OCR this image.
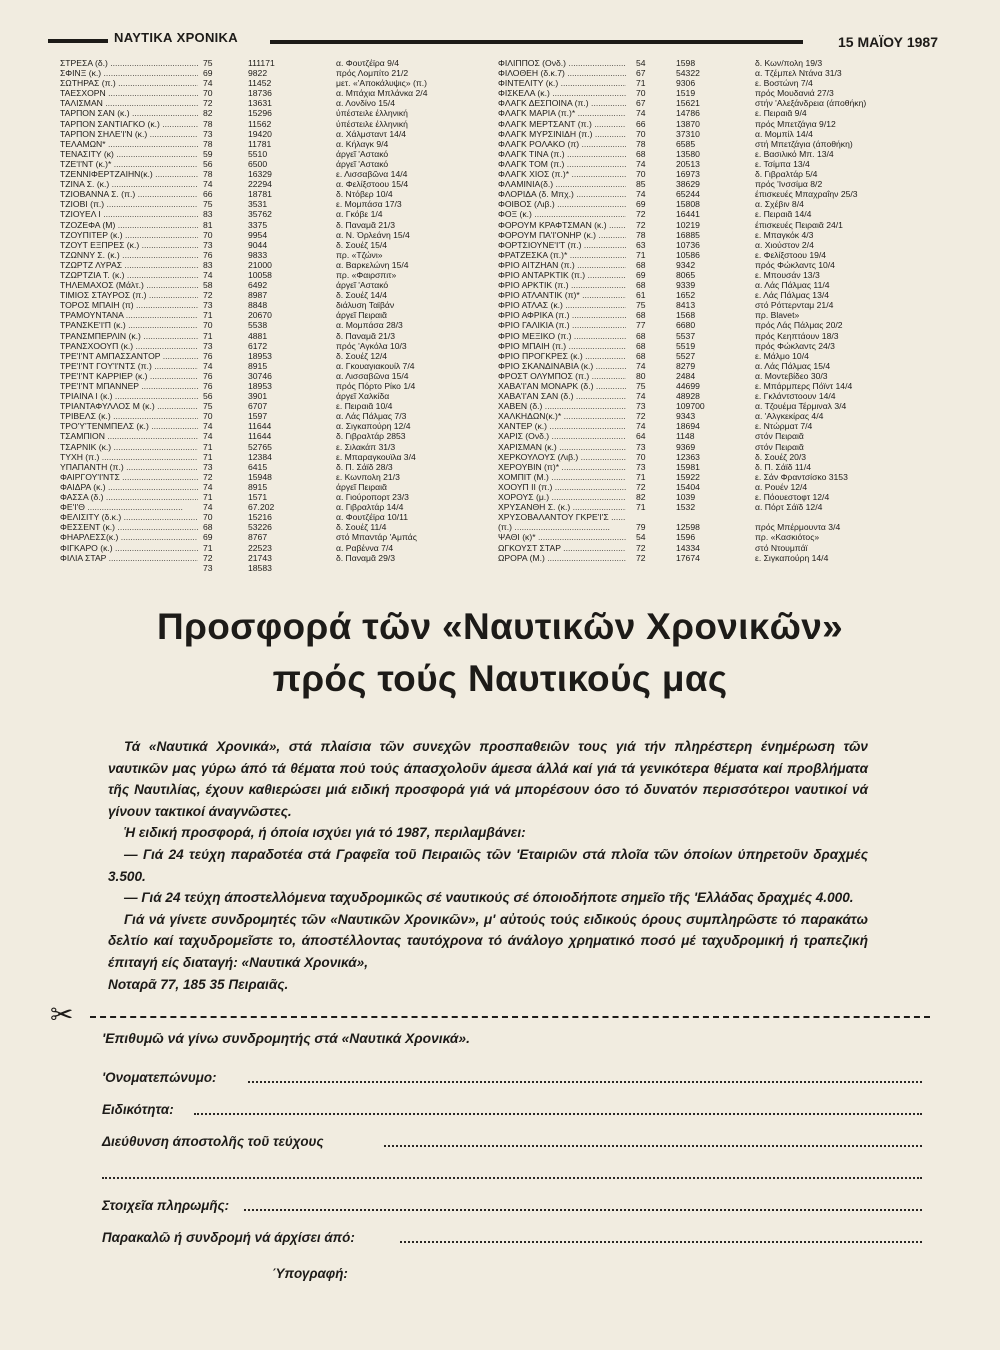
ΝΑΥΤΙΚΑ ΧΡΟΝΙΚΑ	15 ΜΑΪΟΥ 1987
ΣΤΡΕΣΑ (δ.) .....	75	111171	α. Φουτζέϊρα 9/4
ΣΦΙΝΞ (κ.) .....	69	9822	πρός Λομπίτο 21/2
ΣΩΤΗΡΑΣ (π.) .....	74	11452	μετ. «'Αποκάλυψις» (π.)
ΤΑΕΣΧΟΡΝ .....	70	18736	α. Μπάχια Μπλάνκα 2/4
ΤΑΛΙΣΜΑΝ .....	72	13631	α. Λονδίνο 15/4
ΤΑΡΠΟΝ ΣΑΝ (κ.) .....	82	15296	ύπέστειλε έλληνική
ΤΑΡΠΟΝ ΣΑΝΤΙΑΓΚΟ (κ.) .....	78	11562	ύπέστειλε έλληνική
ΤΑΡΠΟΝ ΣΗΛΕ'Ι'Ν (κ.) .....	73	19420	α. Χάλμσταντ 14/4
ΤΕΛΑΜΩΝ* .....	78	11781	α. Κήλαγκ 9/4
ΤΕΝΑΣΙΤΥ (κ) .....	59	5510	άργεῖ 'Αστακό
ΤΖΕ'Ι'ΝΤ (κ.)* .....	56	6500	άργεῖ 'Αστακό
ΤΖΕΝΝΙΦΕΡΤΖΑΙΗΝ(κ.) .....	78	16329	ε. Λισσαβῶνα 14/4
ΤΖΙΝΑ Σ. (κ.) .....	74	22294	α. Φελίξστοου 15/4
ΤΖΙΟΒΑΝΝΑ Σ. (π.) .....	66	18781	δ. Ντόβερ 10/4
ΤΖΙΟΒΙ (π.) .....	75	3531	ε. Μομπάσα 17/3
ΤΖΙΟΥΕΛ Ι .....	83	35762	α. Γκόβε 1/4
ΤΖΟΖΕΦΑ (Μ) .....	81	3375	δ. Παναμᾶ 21/3
ΤΖΟΥΠΙΤΕΡ (κ.) .....	70	9954	α. Ν. Ὀρλεάνη 15/4
ΤΖΟΥΤ ΕΞΠΡΕΣ (κ.) .....	73	9044	δ. Σουέζ 15/4
ΤΖΩΝΝΥ Σ. (κ.) .....	76	9833	πρ. «Τζώνι»
ΤΖΩΡΤΖ ΛΥΡΑΣ .....	83	21000	α. Βαρκελώνη 15/4
ΤΖΩΡΤΖΙΑ Τ. (κ.) .....	74	10058	πρ. «Φαιρσπιτ»
ΤΗΛΕΜΑΧΟΣ (Μάλτ.) .....	58	6492	άργεῖ 'Αστακό
ΤΙΜΙΟΣ ΣΤΑΥΡΟΣ (π.) .....	72	8987	δ. Σουέζ 14/4
ΤΟΡΟΣ ΜΠΑΙΗ (π) .....	73	8848	διάλυση Ταϊβάν
ΤΡΑΜΟΥΝΤΑΝΑ .....	71	20670	άργεῖ Πειραιᾶ
ΤΡΑΝΣΚΕ'Ι'Π (κ.) .....	70	5538	α. Μομπάσα 28/3
ΤΡΑΝΣΜΠΕΡΛΙΝ (κ.) .....	71	4881	δ. Παναμᾶ 21/3
ΤΡΑΝΣΧΟΟΥΠ (κ.) .....	73	6172	πρός 'Αγκόλα 10/3
ΤΡΕ'Ι'ΝΤ ΑΜΠΑΣΣΑΝΤΟΡ .....	76	18953	δ. Σουέζ 12/4
ΤΡΕ'Ι'ΝΤ ΓΟΥ'Ι'ΝΤΣ (π.) .....	74	8915	α. Γκουαγιακουίλ 7/4
ΤΡΕ'Ι'ΝΤ ΚΑΡΡΙΕΡ (κ.) .....	76	30746	α. Λισσαβῶνα 15/4
ΤΡΕ'Ι'ΝΤ ΜΠΑΝΝΕΡ .....	76	18953	πρός Πόρτο Ρίκο 1/4
ΤΡΙΑΙΝΑ Ι (κ.) .....	56	3901	άργεῖ Χαλκίδα
ΤΡΙΑΝΤΑΦΥΛΛΟΣ Μ (κ.) .....	75	6707	ε. Πειραιᾶ 10/4
ΤΡΙΒΕΛΣ (κ.) .....	70	1597	α. Λάς Πάλμας 7/3
ΤΡΟ'Υ'ΤΕΝΜΠΕΛΣ (κ.) .....	74	11644	α. Σιγκαπούρη 12/4
ΤΣΑΜΠΙΟΝ .....	74	11644	δ. Γιβραλτάρ 2853
ΤΣΑΡΝΙΚ (κ.) .....	71	52765	ε. Σιλακάπ 31/3
ΤΥΧΗ (π.) .....	71	12384	ε. Μπαραγκουϊλα 3/4
ΥΠΑΠΑΝΤΗ (π.) .....	73	6415	δ. Π. Σάϊδ 28/3
ΦΑΙΡΓΟΥ'Ι'ΝΤΣ .....	72	15948	ε. Κωνπολη 21/3
ΦΑΙΔΡΑ (κ.) .....	74	8915	άργεῖ Πειραιᾶ
ΦΑΣΣΑ (δ.) .....	71	1571	α. Γιούροπορτ 23/3
ΦΕ'Ι'Θ .....	74	67.202	α. Γιβραλτάρ 14/4
ΦΕΛΙΣΙΤΥ (δ.κ.) .....	70	15216	α. Φουτζέϊρα 10/11
ΦΕΣΣΕΝΤ (κ.) .....	68	53226	δ. Σουέζ 11/4
ΦΗΑΡΛΕΣΣ(κ.) .....	69	8767	στό Μπαντάρ 'Αμπάς
ΦΙΓΚΑΡΟ (κ.) .....	71	22523	α. Ραβέννα 7/4
ΦΙΛΙΑ ΣΤΑΡ .....	72	21743	δ. Παναμᾶ 29/3
73	18583
ΦΙΛΙΠΠΟΣ (Ονδ.) .....	54	1598	δ. Κων/πολη 19/3
ΦΙΛΟΘΕΗ (δ.κ.7) .....	67	54322	α. Τζέμπελ Ντάνα 31/3
ΦΙΝΤΕΛΙΤΥ (κ.) .....	71	9306	ε. Βοστώνη 7/4
ΦΙΣΚΕΛΑ (κ.) .....	70	1519	πρός Μουδανιά 27/3
ΦΛΑΓΚ ΔΕΣΠΟΙΝΑ (π.) .....	67	15621	στήν 'Αλεξάνδρεια (άποθήκη)
ΦΛΑΓΚ ΜΑΡΙΑ (π.)* .....	74	14786	ε. Πειραιᾶ 9/4
ΦΛΑΓΚ ΜΕΡΤΣΑΝΤ (π.) .....	66	13870	πρός Μπετζάγια 9/12
ΦΛΑΓΚ ΜΥΡΣΙΝΙΔΗ (π.) .....	70	37310	α. Μομπίλ 14/4
ΦΛΑΓΚ ΡΟΛΑΚΟ (π) .....	78	6585	στή Μπετζάγια (άποθήκη)
ΦΛΑΓΚ ΤΙΝΑ (π.) .....	68	13580	ε. Βασιλικό Μπ. 13/4
ΦΛΑΓΚ ΤΟΜ (π.) .....	74	20513	ε. Τσίμπα 13/4
ΦΛΑΓΚ ΧΙΟΣ (π.)* .....	70	16973	δ. Γιβραλτάρ 5/4
ΦΛΑΜΙΝΙΑ(δ.) .....	85	38629	πρός 'Ινσσίμα 8/2
ΦΛΟΡΙΔΑ (δ. Μπχ.) .....	74	65244	έπισκευές Μπαχραΐην 25/3
ΦΟΙΒΟΣ (Λιβ.) .....	69	15808	α. Σχέβιν 8/4
ΦΟΞ (κ.) .....	72	16441	ε. Πειραιᾶ 14/4
ΦΟΡΟΥΜ ΚΡΑΦΤΣΜΑΝ (κ.) .....	72	10219	έπισκευές Πειραιᾶ 24/1
ΦΟΡΟΥΜ ΠΑ'Ι'ΟΝΗΡ (κ.) .....	78	16885	ε. Μπαγκόκ 4/3
ΦΟΡΤΣΙΟΥΝΕ'Ι'Τ (π.) .....	63	10736	α. Χιούστον 2/4
ΦΡΑΤΖΕΣΚΑ (π.)* .....	71	10586	ε. Φελίξστοου 19/4
ΦΡΙΟ ΑΙΤΖΗΑΝ (π.) .....	68	9342	πρός Φώκλαντς 10/4
ΦΡΙΟ ΑΝΤΑΡΚΤΙΚ (π.) .....	69	8065	ε. Μπουσάν 13/3
ΦΡΙΟ ΑΡΚΤΙΚ (π.) .....	68	9339	α. Λάς Πάλμας 11/4
ΦΡΙΟ ΑΤΛΑΝΤΙΚ (π)* .....	61	1652	ε. Λάς Πάλμας 13/4
ΦΡΙΟ ΑΤΛΑΣ (κ.) .....	75	8413	στό Ρόττερνταμ 21/4
ΦΡΙΟ ΑΦΡΙΚΑ (π.) .....	68	1568	πρ. Blavet»
ΦΡΙΟ ΓΑΛΙΚΙΑ (π.) .....	77	6680	πρός Λάς Πάλμας 20/2
ΦΡΙΟ ΜΕΞΙΚΟ (π.) .....	68	5537	πρός Κεηπτάουν 18/3
ΦΡΙΟ ΜΠΑΙΗ (π.) .....	68	5519	πρός Φώκλαντς 24/3
ΦΡΙΟ ΠΡΟΓΚΡΕΣ (κ.) .....	68	5527	ε. Μάλμο 10/4
ΦΡΙΟ ΣΚΑΝΔΙΝΑΒΙΑ (κ.) .....	74	8279	α. Λάς Πάλμας 15/4
ΦΡΟΣΤ ΟΛΥΜΠΟΣ (π.) .....	80	2484	α. Μοντεβίδεο 30/3
ΧΑΒΑ'Ι'ΑΝ ΜΟΝΑΡΚ (δ.) .....	75	44699	ε. Μπάρμπερς Πόϊντ 14/4
ΧΑΒΑ'Ι'ΑΝ ΣΑΝ (δ.) .....	74	48928	ε. Γκλάντστοουν 14/4
ΧΑΒΕΝ (δ.) .....	73	109700	α. Τζουέμα Τέρμιναλ 3/4
ΧΑΛΚΗΔΩΝ(κ.)* .....	72	9343	α. 'Αλγκεκίρας 4/4
ΧΑΝΤΕΡ (κ.) .....	74	18694	ε. Ντώρματ 7/4
ΧΑΡΙΣ (Ονδ.) .....	64	1148	στόν Πειραιᾶ
ΧΑΡΙΣΜΑΝ (κ.) .....	73	9369	στόν Πειραιᾶ
ΧΕΡΚΟΥΛΟΥΣ (Λιβ.) .....	70	12363	δ. Σουέζ 20/3
ΧΕΡΟΥΒΙΝ (π)* .....	73	15981	δ. Π. Σάϊδ 11/4
ΧΟΜΠΙΤ (Μ.) .....	71	15922	ε. Σάν Φραντσίσκο 3153
ΧΟΟΥΠ ΙΙ (π.) .....	72	15404	α. Ρουέν 12/4
ΧΟΡΟΥΣ (μ.) .....	82	1039	ε. Πόουεστοφτ 12/4
ΧΡΥΣΑΝΘΗ Σ. (κ.) .....	71	1532	α. Πόρτ Σάϊδ 12/4
ΧΡΥΣΟΒΑΛΑΝΤΟΥ ΓΚΡΕ'Ι'Σ .....
(π.) .....	79	12598	πρός Μπέρμουντα 3/4
ΨΑΘΙ (κ)* .....	54	1596	πρ. «Κασκιότος»
ΩΓΚΟΥΣΤ ΣΤΑΡ .....	72	14334	στό Ντουμπάϊ
ΩΡΟΡΑ (Μ.) .....	72	17674	ε. Σιγκαπούρη 14/4
Προσφορά τῶν «Ναυτικῶν Χρονικῶν»
πρός τούς Ναυτικούς μας

Τά «Ναυτικά Χρονικά», στά πλαίσια τῶν συνεχῶν προσπαθειῶν τους γιά τήν πληρέστερη ένημέρωση τῶν ναυτικῶν μας γύρω άπό τά θέματα πού τούς άπασχολοῦν άμεσα άλλά καί γιά τά γενικότερα θέματα καί προβλήματα τῆς Ναυτιλίας, έχουν καθιερώσει μιά ειδική προσφορά γιά νά μπορέσουν όσο τό δυνατόν περισσότεροι ναυτικοί νά γίνουν τακτικοί άναγνῶστες.

Ἡ ειδική προσφορά, ή όποία ισχύει γιά τό 1987, περιλαμβάνει:

— Γιά 24 τεύχη παραδοτέα στά Γραφεῖα τοῦ Πειραιῶς τῶν 'Εταιριῶν στά πλοῖα τῶν όποίων ύπηρετοῦν δραχμές 3.500.

— Γιά 24 τεύχη άποστελλόμενα ταχυδρομικῶς σέ ναυτικούς σέ όποιοδήποτε σημεῖο τῆς 'Ελλάδας δραχμές 4.000.

Γιά νά γίνετε συνδρομητές τῶν «Ναυτικῶν Χρονικῶν», μ' αὐτούς τούς ειδικούς όρους συμπληρῶστε τό παρακάτω δελτίο καί ταχυδρομεῖστε το, άποστέλλοντας ταυτόχρονα τό άνάλογο χρηματικό ποσό μέ ταχυδρομική ή τραπεζική έπιταγή είς διαταγή: «Ναυτικά Χρονικά»,

Νοταρᾶ 77, 185 35 Πειραιᾶς.

✂
'Επιθυμῶ νά γίνω συνδρομητής στά «Ναυτικά Χρονικά».
'Ονοματεπώνυμο:
Ειδικότητα:
Διεύθυνση άποστολῆς τοῦ τεύχους
Στοιχεῖα πληρωμῆς:
Παρακαλῶ ή συνδρομή νά άρχίσει άπό:
Ύπογραφή:
